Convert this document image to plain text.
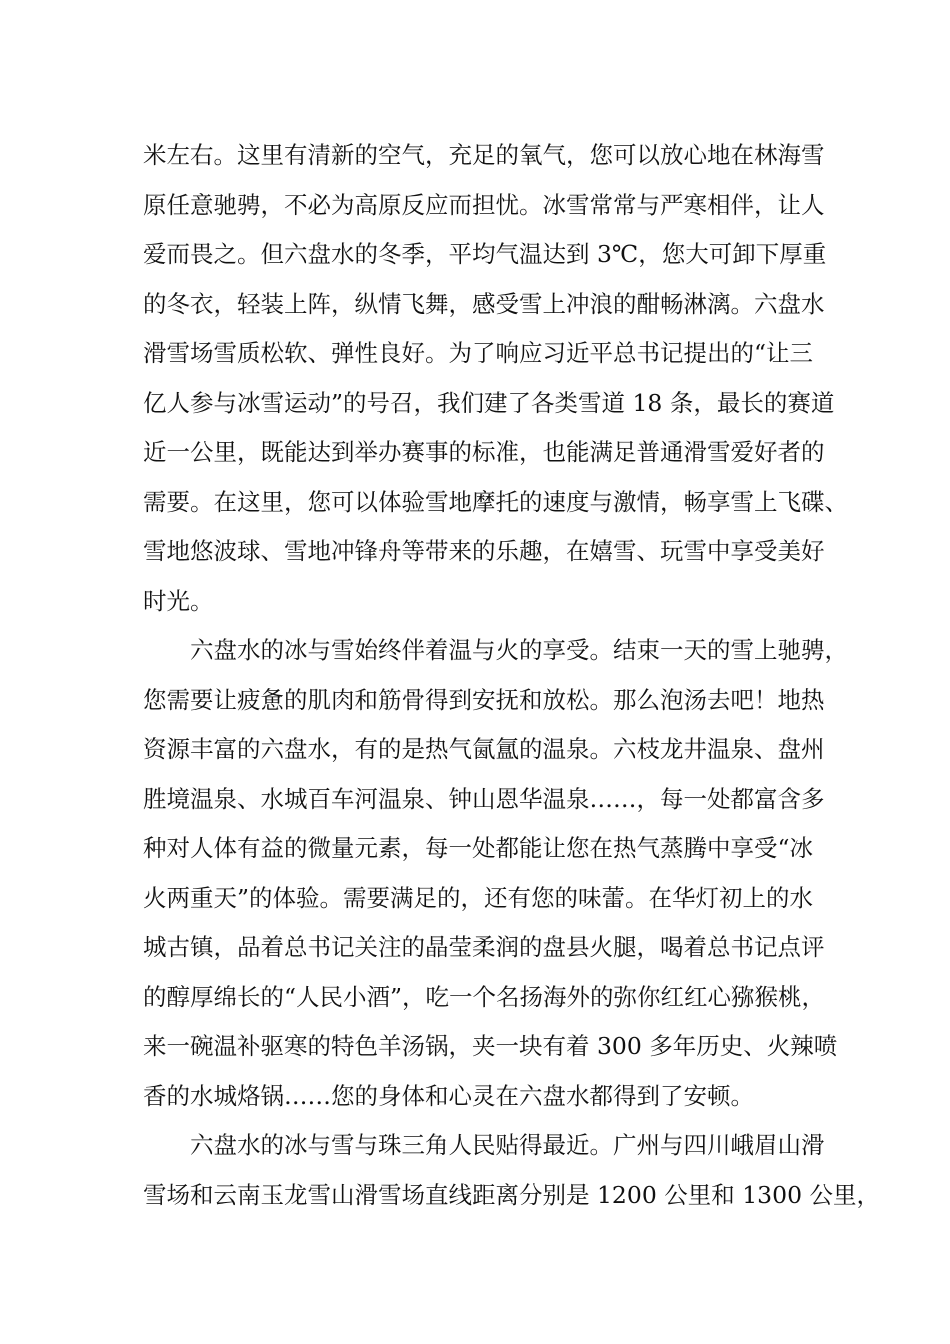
米左右。这里有清新的空气，充足的氧气，您可以放心地在林海雪
原任意驰骋，不必为高原反应而担忧。冰雪常常与严寒相伴，让人
爱而畏之。但六盘水的冬季，平均气温达到 3℃，您大可卸下厚重
的冬衣，轻装上阵，纵情飞舞，感受雪上冲浪的酣畅淋漓。六盘水
滑雪场雪质松软、弹性良好。为了响应习近平总书记提出的“让三
亿人参与冰雪运动”的号召，我们建了各类雪道 18 条，最长的赛道
近一公里，既能达到举办赛事的标准，也能满足普通滑雪爱好者的
需要。在这里，您可以体验雪地摩托的速度与激情，畅享雪上飞碟、
雪地悠波球、雪地冲锋舟等带来的乐趣，在嬉雪、玩雪中享受美好
时光。
六盘水的冰与雪始终伴着温与火的享受。结束一天的雪上驰骋，
您需要让疲惫的肌肉和筋骨得到安抚和放松。那么泡汤去吧！地热
资源丰富的六盘水，有的是热气氤氲的温泉。六枝龙井温泉、盘州
胜境温泉、水城百车河温泉、钟山恩华温泉……，每一处都富含多
种对人体有益的微量元素，每一处都能让您在热气蒸腾中享受“冰
火两重天”的体验。需要满足的，还有您的味蕾。在华灯初上的水
城古镇，品着总书记关注的晶莹柔润的盘县火腿，喝着总书记点评
的醇厚绵长的“人民小酒”，吃一个名扬海外的弥你红红心猕猴桃，
来一碗温补驱寒的特色羊汤锅，夹一块有着 300 多年历史、火辣喷
香的水城烙锅……您的身体和心灵在六盘水都得到了安顿。
六盘水的冰与雪与珠三角人民贴得最近。广州与四川峨眉山滑
雪场和云南玉龙雪山滑雪场直线距离分别是 1200 公里和 1300 公里，
